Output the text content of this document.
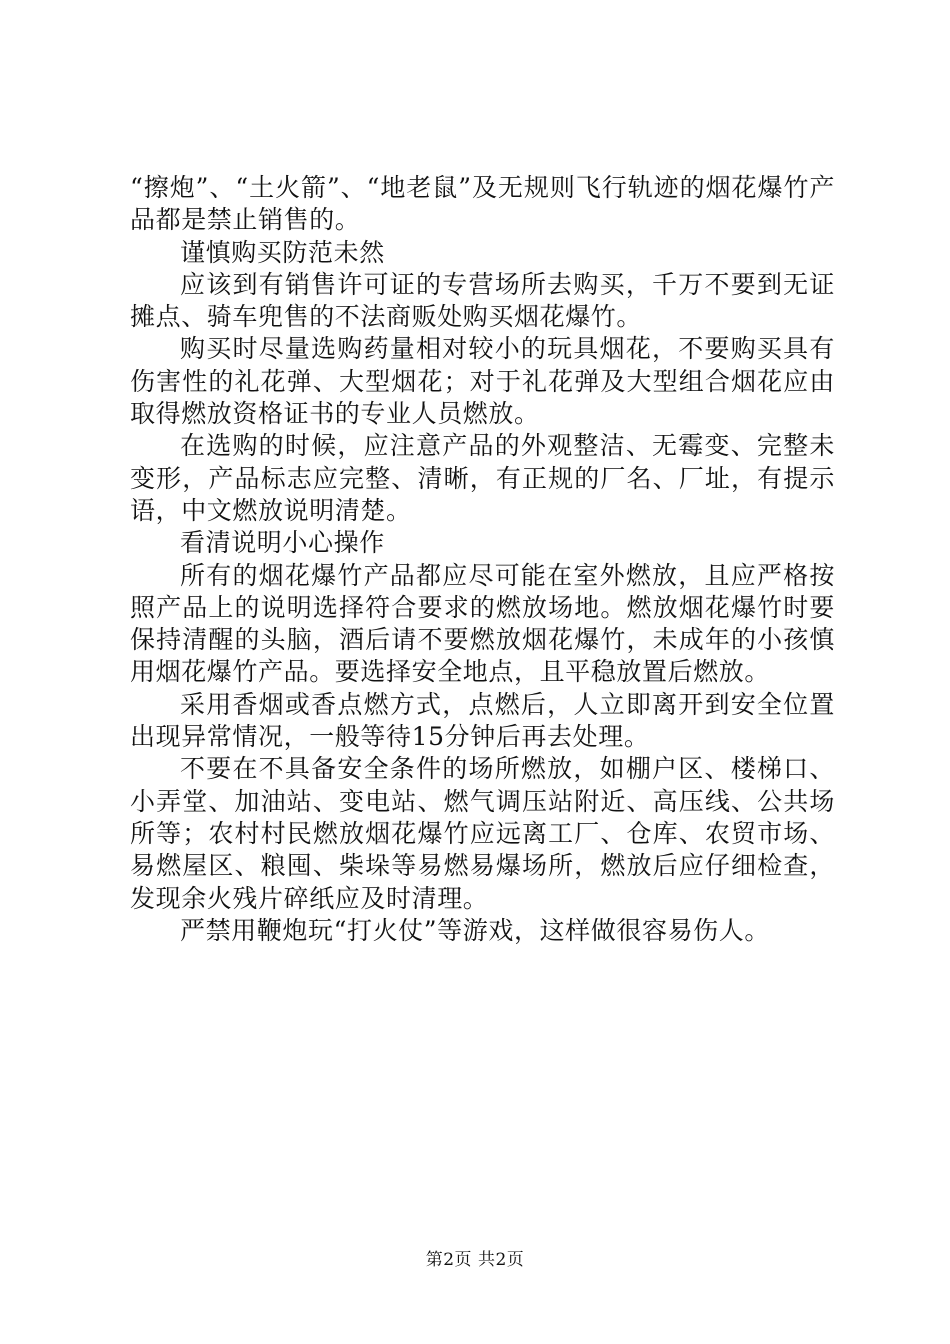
“擦炮”、“土火箭”、“地老鼠”及无规则飞行轨迹的烟花爆竹产品都是禁止销售的。

谨慎购买防范未然

应该到有销售许可证的专营场所去购买，千万不要到无证摊点、骑车兜售的不法商贩处购买烟花爆竹。

购买时尽量选购药量相对较小的玩具烟花，不要购买具有伤害性的礼花弹、大型烟花；对于礼花弹及大型组合烟花应由取得燃放资格证书的专业人员燃放。

在选购的时候，应注意产品的外观整洁、无霉变、完整未变形，产品标志应完整、清晰，有正规的厂名、厂址，有提示语，中文燃放说明清楚。

看清说明小心操作

所有的烟花爆竹产品都应尽可能在室外燃放，且应严格按照产品上的说明选择符合要求的燃放场地。燃放烟花爆竹时要保持清醒的头脑，酒后请不要燃放烟花爆竹，未成年的小孩慎用烟花爆竹产品。要选择安全地点，且平稳放置后燃放。

采用香烟或香点燃方式，点燃后，人立即离开到安全位置出现异常情况，一般等待15分钟后再去处理。

不要在不具备安全条件的场所燃放，如棚户区、楼梯口、小弄堂、加油站、变电站、燃气调压站附近、高压线、公共场所等；农村村民燃放烟花爆竹应远离工厂、仓库、农贸市场、易燃屋区、粮囤、柴垛等易燃易爆场所，燃放后应仔细检查，发现余火残片碎纸应及时清理。

严禁用鞭炮玩“打火仗”等游戏，这样做很容易伤人。

第2页 共2页
